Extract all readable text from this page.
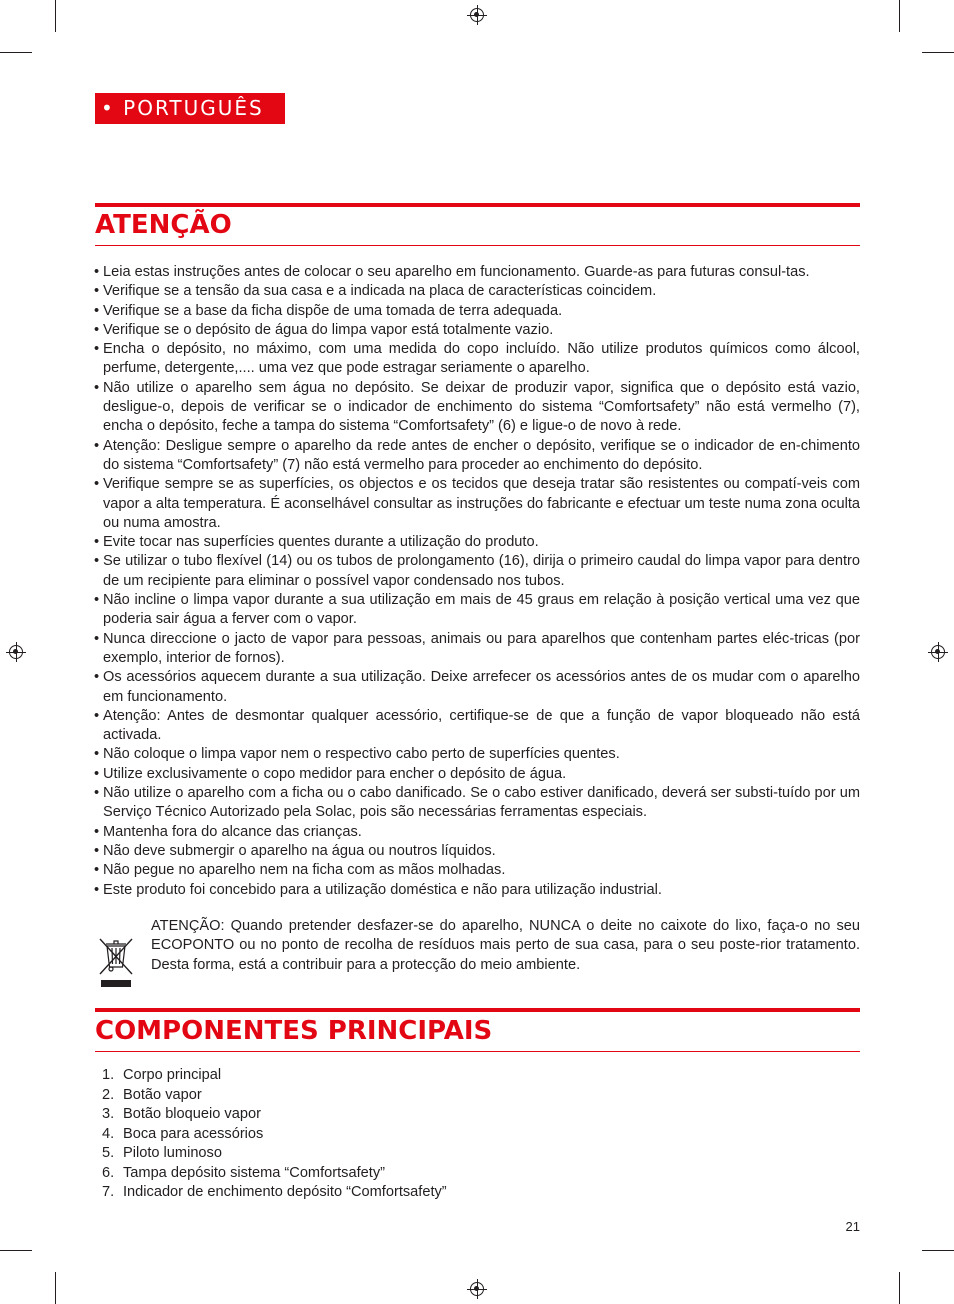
• PORTUGUÊS
ATENÇÃO
• Leia estas instruções antes de colocar o seu aparelho em funcionamento. Guarde-as para futuras consul-tas.
• Verifique se a tensão da sua casa e a indicada na placa de características coincidem.
• Verifique se a base da ficha dispõe de uma tomada de terra adequada.
• Verifique se o depósito de água do limpa vapor está totalmente vazio.
• Encha o depósito, no máximo, com uma medida do copo incluído. Não utilize produtos químicos como álcool, perfume, detergente,.... uma vez que pode estragar seriamente o aparelho.
• Não utilize o aparelho sem água no depósito. Se deixar de produzir vapor, significa que o depósito está vazio, desligue-o, depois de verificar se o indicador de enchimento do sistema “Comfortsafety” não está vermelho (7), encha o depósito, feche a tampa do sistema “Comfortsafety” (6) e ligue-o de novo à rede.
• Atenção: Desligue sempre o aparelho da rede antes de encher o depósito, verifique se o indicador de en-chimento do sistema “Comfortsafety” (7) não está vermelho para proceder ao enchimento do depósito.
• Verifique sempre se as superfícies, os objectos e os tecidos que deseja tratar são resistentes ou compatí-veis com vapor a alta temperatura. É aconselhável consultar as instruções do fabricante e efectuar um teste numa zona oculta ou numa amostra.
• Evite tocar nas superfícies quentes durante a utilização do produto.
• Se utilizar o tubo flexível (14) ou os tubos de prolongamento (16), dirija o primeiro caudal do limpa vapor para dentro de um recipiente para eliminar o possível vapor condensado nos tubos.
• Não incline o limpa vapor durante a sua utilização em mais de 45 graus em relação à posição vertical uma vez que poderia sair água a ferver com o vapor.
• Nunca direccione o jacto de vapor para pessoas, animais ou para aparelhos que contenham partes eléc-tricas (por exemplo, interior de fornos).
• Os acessórios aquecem durante a sua utilização. Deixe arrefecer os acessórios antes de os mudar com o aparelho em funcionamento.
• Atenção: Antes de desmontar qualquer acessório, certifique-se de que a função de vapor bloqueado não está activada.
• Não coloque o limpa vapor nem o respectivo cabo perto de superfícies quentes.
• Utilize exclusivamente o copo medidor para encher o depósito de água.
• Não utilize o aparelho com a ficha ou o cabo danificado. Se o cabo estiver danificado, deverá ser substi-tuído por um Serviço Técnico Autorizado pela Solac, pois são necessárias ferramentas especiais.
• Mantenha fora do alcance das crianças.
• Não deve submergir o aparelho na água ou noutros líquidos.
• Não pegue no aparelho nem na ficha com as mãos molhadas.
• Este produto foi concebido para a utilização doméstica e não para utilização industrial.
ATENÇÃO: Quando pretender desfazer-se do aparelho, NUNCA o deite no caixote do lixo, faça-o no seu ECOPONTO ou no ponto de recolha de resíduos mais perto de sua casa, para o seu poste-rior tratamento. Desta forma, está a contribuir para a protecção do meio ambiente.
COMPONENTES PRINCIPAIS
1. Corpo principal
2. Botão vapor
3. Botão bloqueio vapor
4. Boca para acessórios
5. Piloto luminoso
6. Tampa depósito sistema “Comfortsafety”
7. Indicador de enchimento depósito “Comfortsafety”
21
